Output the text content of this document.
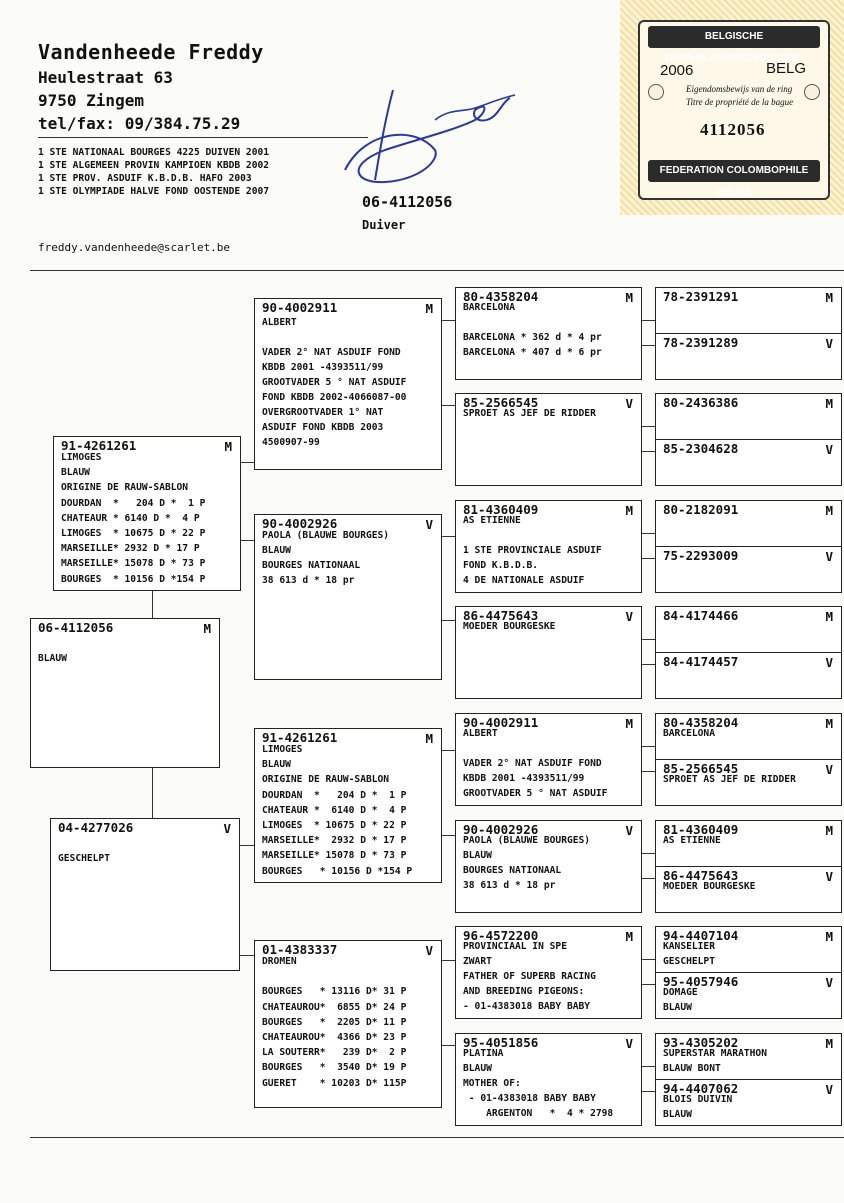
Vandenheede Freddy
Heulestraat 63
9750 Zingem
tel/fax: 09/384.75.29
1 STE NATIONAAL BOURGES 4225 DUIVEN 2001
1 STE ALGEMEEN PROVIN KAMPIOEN KBDB 2002
1 STE PROV. ASDUIF K.B.D.B. HAFO 2003
1 STE OLYMPIADE HALVE FOND OOSTENDE 2007
06-4112056
Duiver
freddy.vandenheede@scarlet.be
BELGISCHE DUIVENLIEFHEBBERSBOND
2006	BELG
Eigendomsbewijs van de ring
Titre de propriété de la bague
4112056
FEDERATION COLOMBOPHILE BELGE
06-4112056	M
BLAUW
91-4261261	M
LIMOGES
BLAUW
ORIGINE DE RAUW-SABLON
DOURDAN  *   204 D *  1 P
CHATEAUR * 6140 D *  4 P
LIMOGES  * 10675 D * 22 P
MARSEILLE* 2932 D * 17 P
MARSEILLE* 15078 D * 73 P
BOURGES  * 10156 D *154 P
04-4277026	V
GESCHELPT
90-4002911	M
ALBERT
VADER 2° NAT ASDUIF FOND
KBDB 2001 -4393511/99
GROOTVADER 5 ° NAT ASDUIF
FOND KBDB 2002-4066087-00
OVERGROOTVADER 1° NAT
ASDUIF FOND KBDB 2003
4500907-99
90-4002926	V
PAOLA (BLAUWE BOURGES)
BLAUW
BOURGES NATIONAAL
38 613 d * 18 pr
91-4261261	M
LIMOGES
BLAUW
ORIGINE DE RAUW-SABLON
DOURDAN  *   204 D *  1 P
CHATEAUR *  6140 D *  4 P
LIMOGES  * 10675 D * 22 P
MARSEILLE*  2932 D * 17 P
MARSEILLE* 15078 D * 73 P
BOURGES   * 10156 D *154 P
01-4383337	V
DROMEN
BOURGES   * 13116 D* 31 P
CHATEAUROU*  6855 D* 24 P
BOURGES   *  2205 D* 11 P
CHATEAUROU*  4366 D* 23 P
LA SOUTERR*   239 D*  2 P
BOURGES   *  3540 D* 19 P
GUERET    * 10203 D* 115P
80-4358204	M
BARCELONA
BARCELONA * 362 d * 4 pr
BARCELONA * 407 d * 6 pr
85-2566545	V
SPROET AS JEF DE RIDDER
81-4360409	M
AS ETIENNE
1 STE PROVINCIALE ASDUIF
FOND K.B.D.B.
4 DE NATIONALE ASDUIF
86-4475643	V
MOEDER BOURGESKE
90-4002911	M
ALBERT
VADER 2° NAT ASDUIF FOND
KBDB 2001 -4393511/99
GROOTVADER 5 ° NAT ASDUIF
90-4002926	V
PAOLA (BLAUWE BOURGES)
BLAUW
BOURGES NATIONAAL
38 613 d * 18 pr
96-4572200	M
PROVINCIAAL IN SPE
ZWART
FATHER OF SUPERB RACING
AND BREEDING PIGEONS:
- 01-4383018 BABY BABY
95-4051856	V
PLATINA
BLAUW
MOTHER OF:
- 01-4383018 BABY BABY
ARGENTON   *  4 * 2798
78-2391291	M
78-2391289	V
80-2436386	M
85-2304628	V
80-2182091	M
75-2293009	V
84-4174466	M
84-4174457	V
80-4358204	M
BARCELONA
85-2566545	V
SPROET AS JEF DE RIDDER
81-4360409	M
AS ETIENNE
86-4475643	V
MOEDER BOURGESKE
94-4407104	M
KANSELIER
GESCHELPT
95-4057946	V
DOMAGE
BLAUW
93-4305202	M
SUPERSTAR MARATHON
BLAUW BONT
94-4407062	V
BLOIS DUIVIN
BLAUW
